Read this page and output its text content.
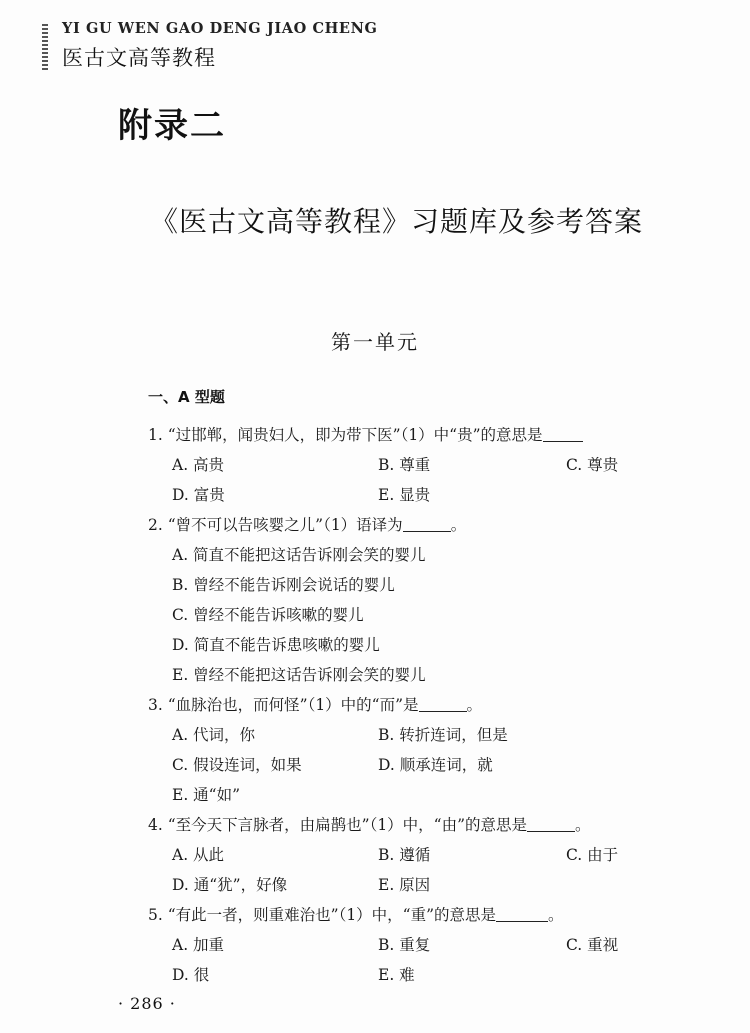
YI GU WEN GAO DENG JIAO CHENG
医古文高等教程
附录二
《医古文高等教程》习题库及参考答案
第一单元
一、A 型题
1. “过邯郸，闻贵妇人，即为带下医”（1）中“贵”的意思是
A. 高贵	B. 尊重	C. 尊贵
D. 富贵	E. 显贵
2. “曾不可以告咳婴之儿”（1）语译为	。
A. 简直不能把这话告诉刚会笑的婴儿
B. 曾经不能告诉刚会说话的婴儿
C. 曾经不能告诉咳嗽的婴儿
D. 简直不能告诉患咳嗽的婴儿
E. 曾经不能把这话告诉刚会笑的婴儿
3. “血脉治也，而何怪”（1）中的“而”是	。
A. 代词，你	B. 转折连词，但是
C. 假设连词，如果	D. 顺承连词，就
E. 通“如”
4. “至今天下言脉者，由扁鹊也”（1）中，“由”的意思是	。
A. 从此	B. 遵循	C. 由于
D. 通“犹”，好像	E. 原因
5. “有此一者，则重难治也”（1）中，“重”的意思是	。
A. 加重	B. 重复	C. 重视
D. 很	E. 难
· 286 ·
